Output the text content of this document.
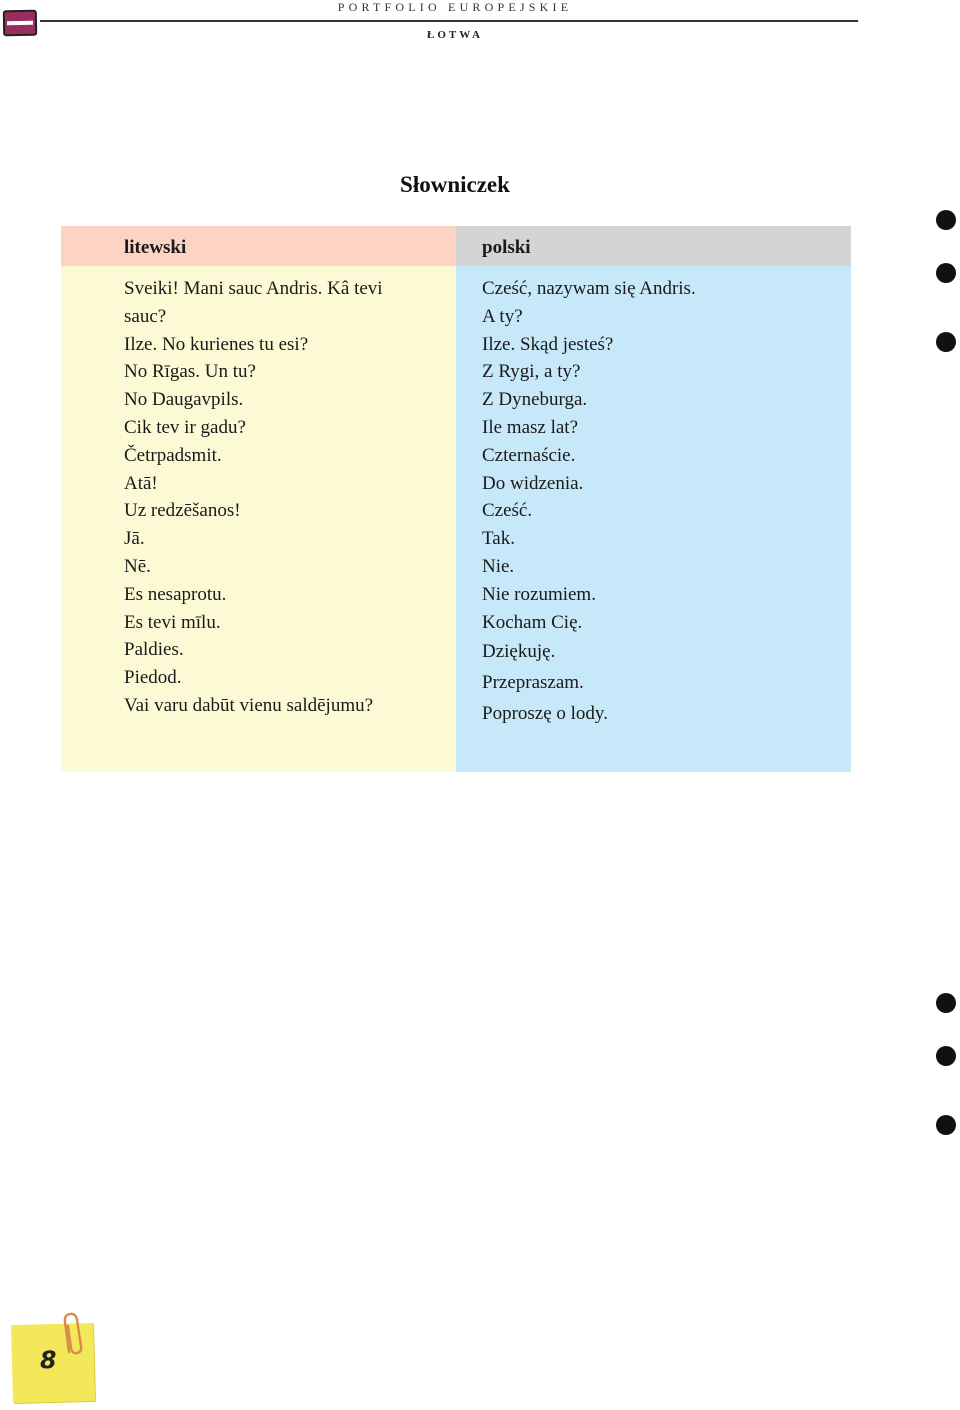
PORTFOLIO EUROPEJSKIE
ŁOTWA
Słowniczek
litewski
Sveiki! Mani sauc Andris. Kâ tevi
sauc?
Ilze. No kurienes tu esi?
No Rīgas. Un tu?
No Daugavpils.
Cik tev ir gadu?
Četrpadsmit.
Atā!
Uz redzēšanos!
Jā.
Nē.
Es nesaprotu.
Es tevi mīlu.
Paldies.
Piedod.
Vai varu dabūt vienu saldējumu?
polski
Cześć, nazywam się Andris.
A ty?
Ilze. Skąd jesteś?
Z Rygi, a ty?
Z Dyneburga.
Ile masz lat?
Czternaście.
Do widzenia.
Cześć.
Tak.
Nie.
Nie rozumiem.
Kocham Cię.
Dziękuję.
Przepraszam.
Poproszę o lody.
8
